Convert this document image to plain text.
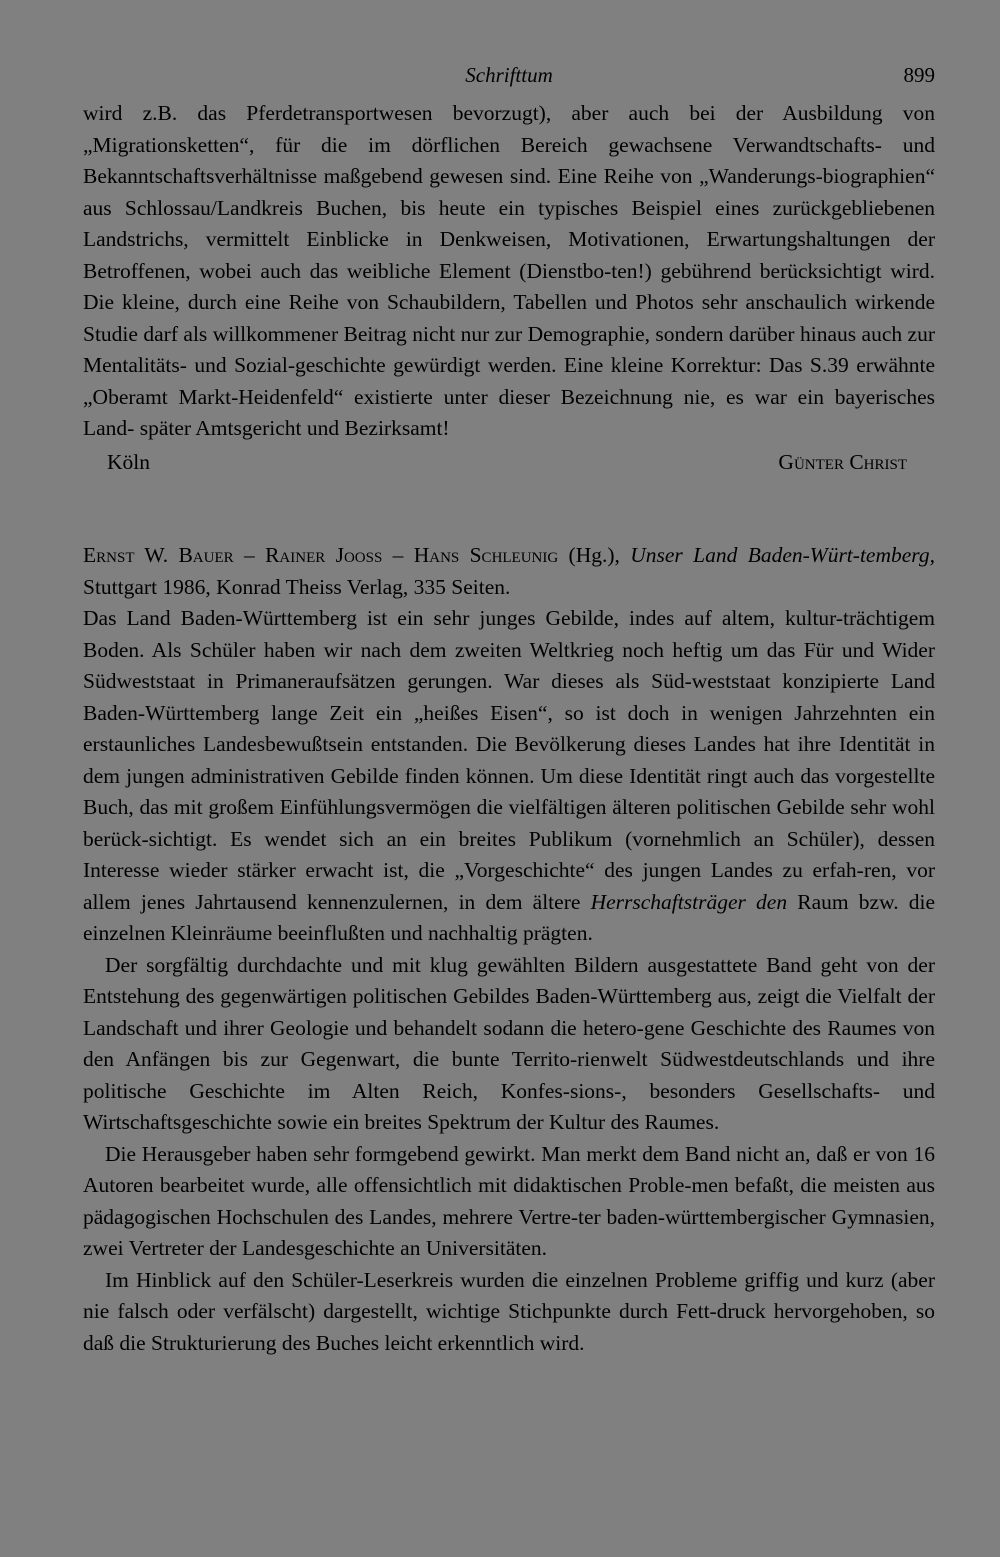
Schrifttum	899

wird z.B. das Pferdetransportwesen bevorzugt), aber auch bei der Ausbildung von „Migrationsketten“, für die im dörflichen Bereich gewachsene Verwandtschafts- und Bekanntschaftsverhältnisse maßgebend gewesen sind. Eine Reihe von „Wanderungs-biographien“ aus Schlossau/Landkreis Buchen, bis heute ein typisches Beispiel eines zurückgebliebenen Landstrichs, vermittelt Einblicke in Denkweisen, Motivationen, Erwartungshaltungen der Betroffenen, wobei auch das weibliche Element (Dienstbo-ten!) gebührend berücksichtigt wird. Die kleine, durch eine Reihe von Schaubildern, Tabellen und Photos sehr anschaulich wirkende Studie darf als willkommener Beitrag nicht nur zur Demographie, sondern darüber hinaus auch zur Mentalitäts- und Sozial-geschichte gewürdigt werden. Eine kleine Korrektur: Das S.39 erwähnte „Oberamt Markt-Heidenfeld“ existierte unter dieser Bezeichnung nie, es war ein bayerisches Land- später Amtsgericht und Bezirksamt!

Köln	Günter Christ
Ernst W. Bauer – Rainer Jooss – Hans Schleunig (Hg.), Unser Land Baden-Würt-temberg, Stuttgart 1986, Konrad Theiss Verlag, 335 Seiten.

Das Land Baden-Württemberg ist ein sehr junges Gebilde, indes auf altem, kultur-trächtigem Boden. Als Schüler haben wir nach dem zweiten Weltkrieg noch heftig um das Für und Wider Südweststaat in Primaneraufsätzen gerungen. War dieses als Süd-weststaat konzipierte Land Baden-Württemberg lange Zeit ein „heißes Eisen“, so ist doch in wenigen Jahrzehnten ein erstaunliches Landesbewußtsein entstanden. Die Bevölkerung dieses Landes hat ihre Identität in dem jungen administrativen Gebilde finden können. Um diese Identität ringt auch das vorgestellte Buch, das mit großem Einfühlungsvermögen die vielfältigen älteren politischen Gebilde sehr wohl berück-sichtigt. Es wendet sich an ein breites Publikum (vornehmlich an Schüler), dessen Interesse wieder stärker erwacht ist, die „Vorgeschichte“ des jungen Landes zu erfah-ren, vor allem jenes Jahrtausend kennenzulernen, in dem ältere Herrschaftsträger den Raum bzw. die einzelnen Kleinräume beeinflußten und nachhaltig prägten.

Der sorgfältig durchdachte und mit klug gewählten Bildern ausgestattete Band geht von der Entstehung des gegenwärtigen politischen Gebildes Baden-Württemberg aus, zeigt die Vielfalt der Landschaft und ihrer Geologie und behandelt sodann die hetero-gene Geschichte des Raumes von den Anfängen bis zur Gegenwart, die bunte Territo-rienwelt Südwestdeutschlands und ihre politische Geschichte im Alten Reich, Konfes-sions-, besonders Gesellschafts- und Wirtschaftsgeschichte sowie ein breites Spektrum der Kultur des Raumes.

Die Herausgeber haben sehr formgebend gewirkt. Man merkt dem Band nicht an, daß er von 16 Autoren bearbeitet wurde, alle offensichtlich mit didaktischen Proble-men befaßt, die meisten aus pädagogischen Hochschulen des Landes, mehrere Vertre-ter baden-württembergischer Gymnasien, zwei Vertreter der Landesgeschichte an Universitäten.

Im Hinblick auf den Schüler-Leserkreis wurden die einzelnen Probleme griffig und kurz (aber nie falsch oder verfälscht) dargestellt, wichtige Stichpunkte durch Fett-druck hervorgehoben, so daß die Strukturierung des Buches leicht erkenntlich wird.
